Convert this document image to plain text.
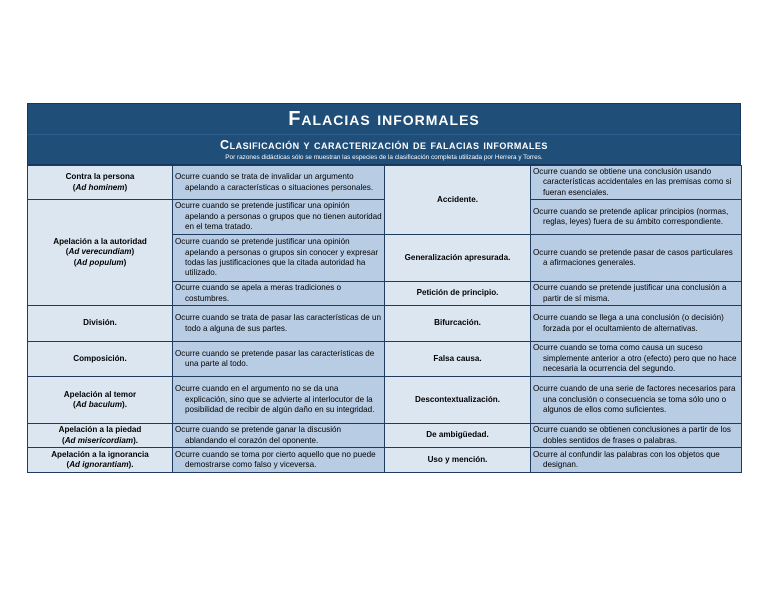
Falacias informales
Clasificación y caracterización de falacias informales
Por razones didácticas sólo se muestran las especies de la clasificación completa utilizada por Herrera y Torres.
Contra la persona
(Ad hominem)	Ocurre cuando se trata de invalidar un argumento apelando a características o situaciones personales.	Accidente.	Ocurre cuando se obtiene una conclusión usando características accidentales en las premisas como si fueran esenciales.

Apelación a la autoridad
(Ad verecundiam)
(Ad populum)	Ocurre cuando se pretende justificar una opinión apelando a personas o grupos que no tienen autoridad en el tema tratado.		Ocurre cuando se pretende aplicar principios (normas, reglas, leyes) fuera de su ámbito correspondiente.

	Ocurre cuando se pretende justificar una opinión apelando a personas o grupos sin conocer y expresar todas las justificaciones que la citada autoridad ha utilizado.	Generalización apresurada.	Ocurre cuando se pretende pasar de casos particulares a afirmaciones generales.

	Ocurre cuando se apela a meras tradiciones o costumbres.	Petición de principio.	Ocurre cuando se pretende justificar una conclusión a partir de sí misma.

División.	Ocurre cuando se trata de pasar las características de un todo a alguna de sus partes.	Bifurcación.	Ocurre cuando se llega a una conclusión (o decisión) forzada por el ocultamiento de alternativas.

Composición.	Ocurre cuando se pretende pasar las características de una parte al todo.	Falsa causa.	Ocurre cuando se toma como causa un suceso simplemente anterior a otro (efecto) pero que no hace necesaria la ocurrencia del segundo.

Apelación al temor
(Ad baculum).	Ocurre cuando en el argumento no se da una explicación, sino que se advierte al interlocutor de la posibilidad de recibir de algún daño en su integridad.	Descontextualización.	Ocurre cuando de una serie de factores necesarios para una conclusión o consecuencia se toma sólo uno o algunos de ellos como suficientes.

Apelación a la piedad
(Ad misericordiam).	Ocurre cuando se pretende ganar la discusión ablandando el corazón del oponente.	De ambigüedad.	Ocurre cuando se obtienen conclusiones a partir de los dobles sentidos de frases o palabras.

Apelación a la ignorancia
(Ad ignorantiam).	Ocurre cuando se toma por cierto aquello que no puede demostrarse como falso y viceversa.	Uso y mención.	Ocurre al confundir las palabras con los objetos que designan.
